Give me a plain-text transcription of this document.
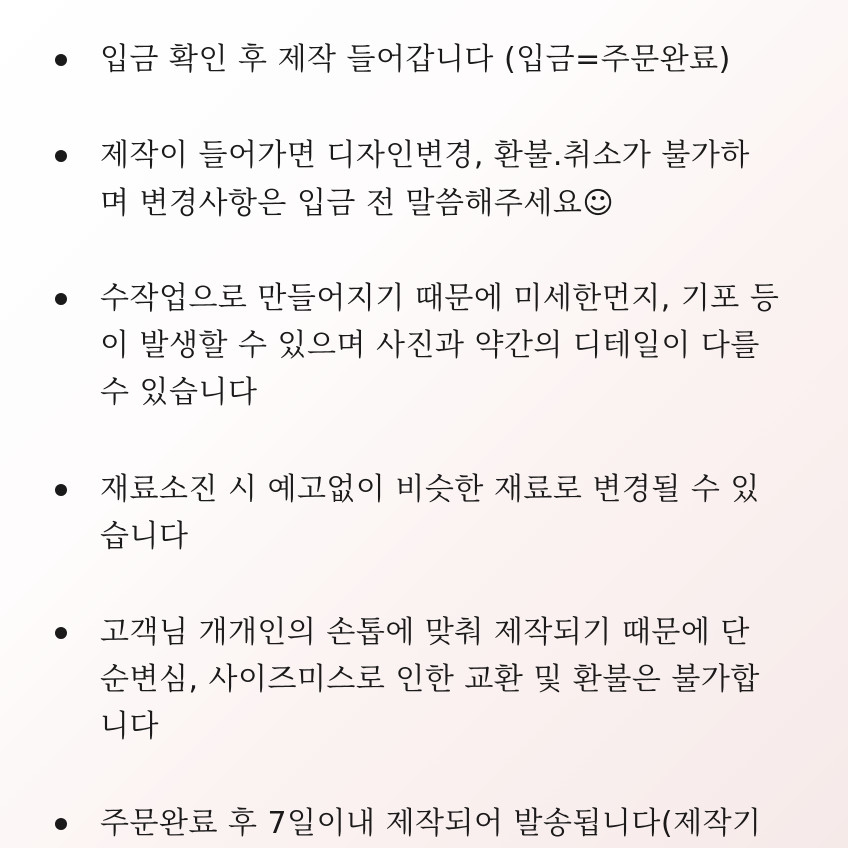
입금 확인 후 제작 들어갑니다 (입금=주문완료)
제작이 들어가면 디자인변경, 환불.취소가 불가하
며 변경사항은 입금 전 말씀해주세요☺
수작업으로 만들어지기 때문에 미세한먼지, 기포 등
이 발생할 수 있으며 사진과 약간의 디테일이 다를
수 있습니다
재료소진 시 예고없이 비슷한 재료로 변경될 수 있
습니다
고객님 개개인의 손톱에 맞춰 제작되기 때문에 단
순변심, 사이즈미스로 인한 교환 및 환불은 불가합
니다
주문완료 후 7일이내 제작되어 발송됩니다(제작기
